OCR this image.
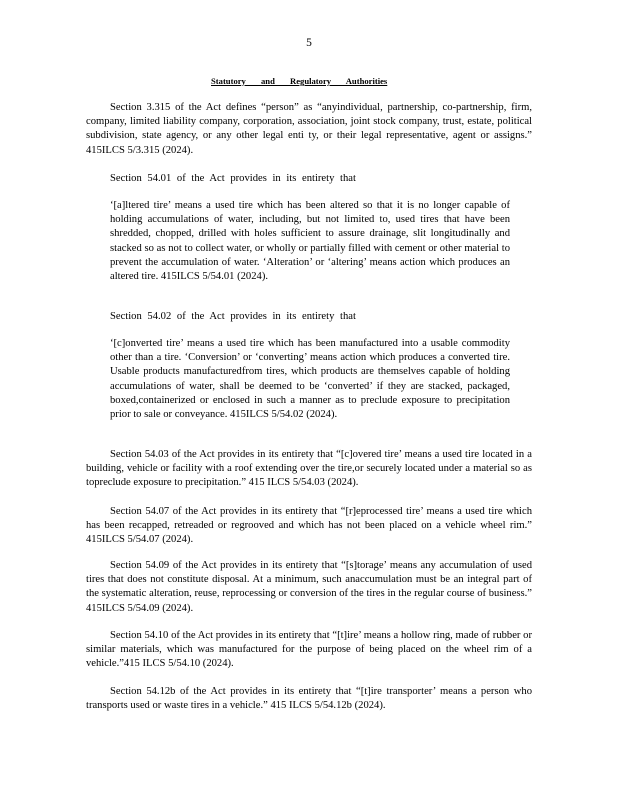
5
Statutory and Regulatory Authorities

Section 3.315 of the Act defines “person” as “anyindividual, partnership, co-partnership, firm, company, limited liability company, corporation, association, joint stock company, trust, estate, political subdivision, state agency, or any other legal enti ty, or their legal representative, agent or assigns.” 415ILCS 5/3.315 (2024).

Section 54.01 of the Act provides in its entirety that

‘[a]ltered tire’ means a used tire which has been altered so that it is no longer capable of holding accumulations of water, including, but not limited to, used tires that have been shredded, chopped, drilled with holes sufficient to assure drainage, slit longitudinally and stacked so as not to collect water, or wholly or partially filled with cement or other material to prevent the accumulation of water. ‘Alteration’ or ‘altering’ means action which produces an altered tire. 415ILCS 5/54.01 (2024).

Section 54.02 of the Act provides in its entirety that

‘[c]onverted tire’ means a used tire which has been manufactured into a usable commodity other than a tire. ‘Conversion’ or ‘converting’ means action which produces a converted tire. Usable products manufacturedfrom tires, which products are themselves capable of holding accumulations of water, shall be deemed to be ‘converted’ if they are stacked, packaged, boxed,containerized or enclosed in such a manner as to preclude exposure to precipitation prior to sale or conveyance. 415ILCS 5/54.02 (2024).

Section 54.03 of the Act provides in its entirety that “[c]overed tire’ means a used tire located in a building, vehicle or facility with a roof extending over the tire,or securely located under a material so as topreclude exposure to precipitation.” 415 ILCS 5/54.03 (2024).

Section 54.07 of the Act provides in its entirety that “[r]eprocessed tire’ means a used tire which has been recapped, retreaded or regrooved and which has not been placed on a vehicle wheel rim.” 415ILCS 5/54.07 (2024).

Section 54.09 of the Act provides in its entirety that “[s]torage’ means any accumulation of used tires that does not constitute disposal. At a minimum, such anaccumulation must be an integral part of the systematic alteration, reuse, reprocessing or conversion of the tires in the regular course of business.” 415ILCS 5/54.09 (2024).

Section 54.10 of the Act provides in its entirety that “[t]ire’ means a hollow ring, made of rubber or similar materials, which was manufactured for the purpose of being placed on the wheel rim of a vehicle.”415 ILCS 5/54.10 (2024).

Section 54.12b of the Act provides in its entirety that “[t]ire transporter’ means a person who transports used or waste tires in a vehicle.” 415 ILCS 5/54.12b (2024).
